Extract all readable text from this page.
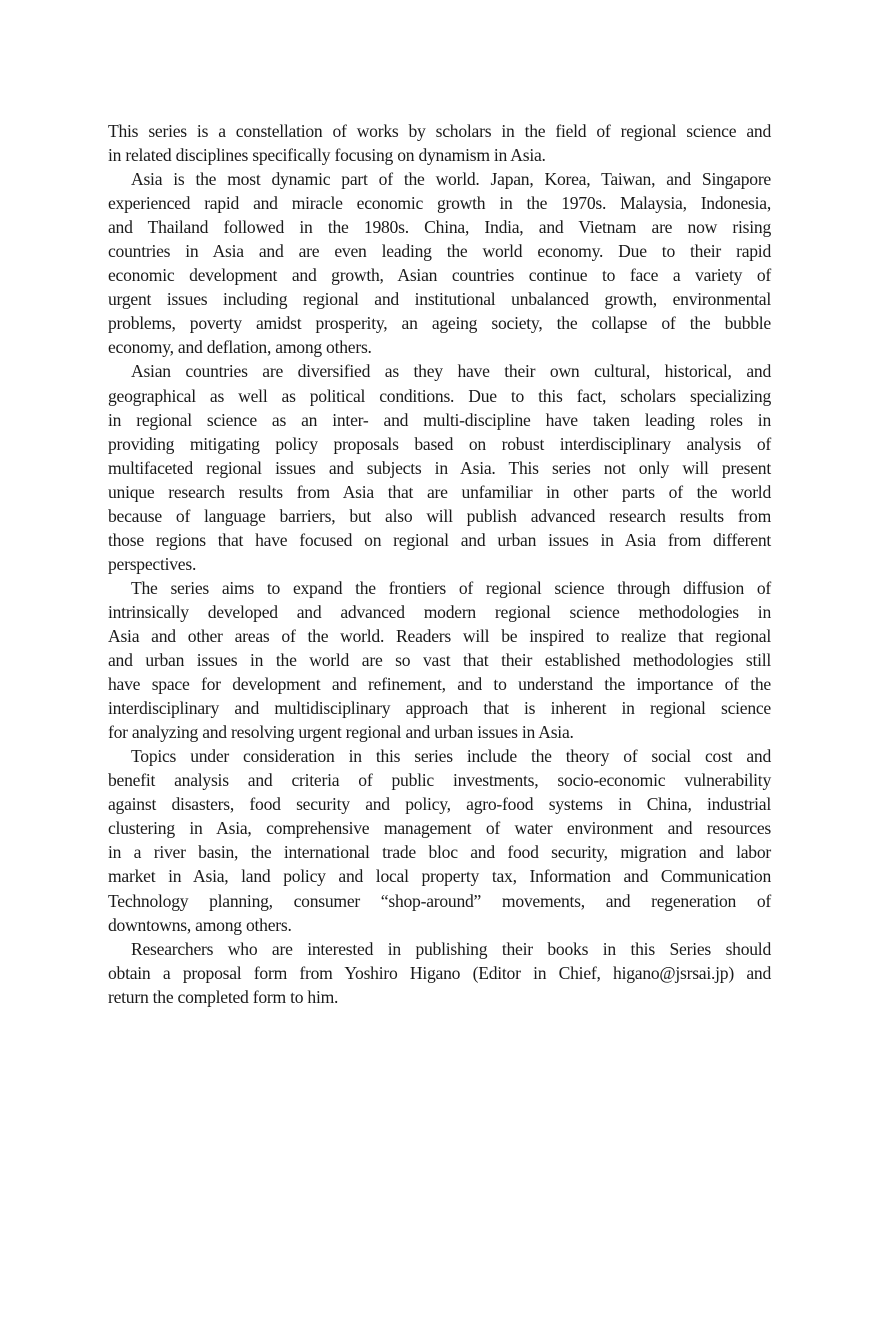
This series is a constellation of works by scholars in the field of regional science and
in related disciplines specifically focusing on dynamism in Asia.
Asia is the most dynamic part of the world. Japan, Korea, Taiwan, and Singapore
experienced rapid and miracle economic growth in the 1970s. Malaysia, Indonesia,
and Thailand followed in the 1980s. China, India, and Vietnam are now rising
countries in Asia and are even leading the world economy. Due to their rapid
economic development and growth, Asian countries continue to face a variety of
urgent issues including regional and institutional unbalanced growth, environmental
problems, poverty amidst prosperity, an ageing society, the collapse of the bubble
economy, and deflation, among others.
Asian countries are diversified as they have their own cultural, historical, and
geographical as well as political conditions. Due to this fact, scholars specializing
in regional science as an inter- and multi-discipline have taken leading roles in
providing mitigating policy proposals based on robust interdisciplinary analysis of
multifaceted regional issues and subjects in Asia. This series not only will present
unique research results from Asia that are unfamiliar in other parts of the world
because of language barriers, but also will publish advanced research results from
those regions that have focused on regional and urban issues in Asia from different
perspectives.
The series aims to expand the frontiers of regional science through diffusion of
intrinsically developed and advanced modern regional science methodologies in
Asia and other areas of the world. Readers will be inspired to realize that regional
and urban issues in the world are so vast that their established methodologies still
have space for development and refinement, and to understand the importance of the
interdisciplinary and multidisciplinary approach that is inherent in regional science
for analyzing and resolving urgent regional and urban issues in Asia.
Topics under consideration in this series include the theory of social cost and
benefit analysis and criteria of public investments, socio-economic vulnerability
against disasters, food security and policy, agro-food systems in China, industrial
clustering in Asia, comprehensive management of water environment and resources
in a river basin, the international trade bloc and food security, migration and labor
market in Asia, land policy and local property tax, Information and Communication
Technology planning, consumer “shop-around” movements, and regeneration of
downtowns, among others.
Researchers who are interested in publishing their books in this Series should
obtain a proposal form from Yoshiro Higano (Editor in Chief, higano@jsrsai.jp) and
return the completed form to him.
